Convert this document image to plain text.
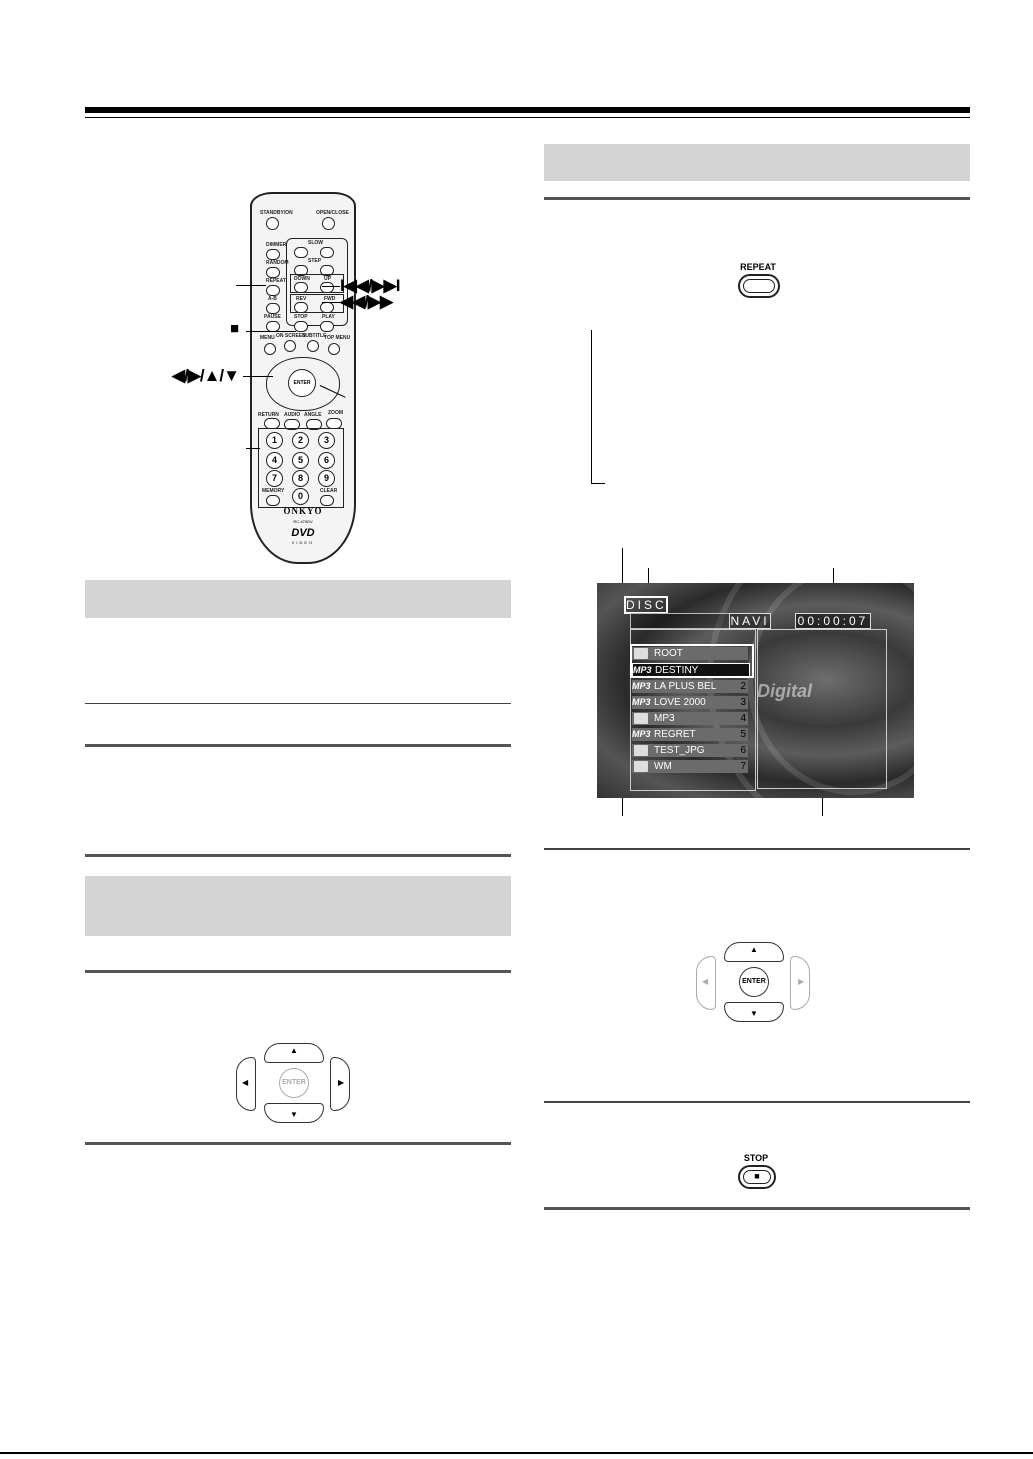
STANDBY/ON	OPEN/CLOSE
DIMMER
RANDOM
REPEAT
A-B
PAUSE
SLOW
STEP
DOWN	UP
REV	FWD
STOP	PLAY
MENU ON SCREEN
SUBTITLE
TOP MENU
ENTER
RETURN AUDIO ANGLE ZOOM
1	2	3
4	5	6
7	8	9
MEMORY	CLEAR
0
ONKYO
RC-479DV
DVD
VIDEO
I◀◀/▶▶I
◀◀/▶▶
■
◀/▶/▲/▼
▲
◀	ENTER	▶
▼
REPEAT
Digital
DISC
NAVI 00:00:07
ROOT
MP3 DESTINY
MP3 LA PLUS BEL 2
MP3 LOVE 2000	3
MP3	4
MP3 REGRET	5
TEST_JPG	6
WM	7
▲
◀	ENTER	▶
▼
STOP
■
